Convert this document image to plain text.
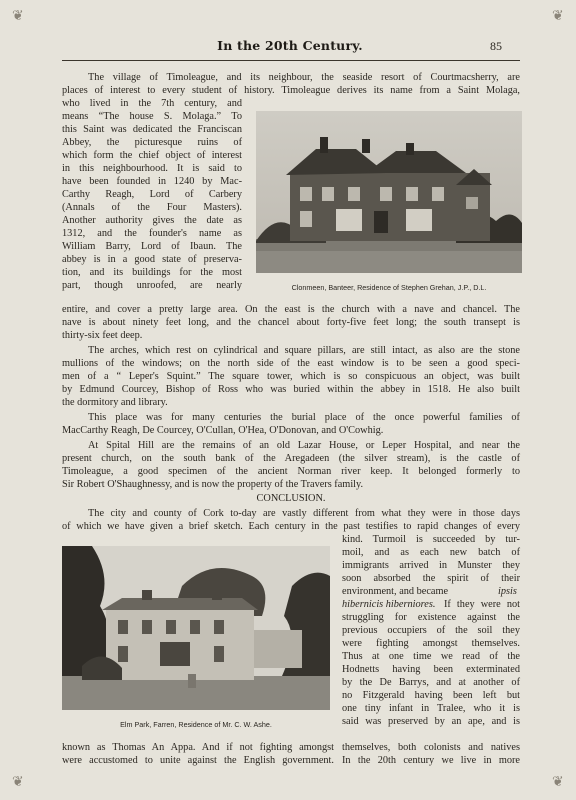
❦	❦
❦	❦
In the 20th Century.	85
The village of Timoleague, and its neighbour, the seaside resort of Courtmacsherry, are
places of interest to every student of history. Timoleague derives its name from a Saint Molaga,
who lived in the 7th century, and
means “The house S. Molaga.” To
this Saint was dedicated the Franciscan
Abbey, the picturesque ruins of
which form the chief object of interest
in this neighbourhood. It is said to
have been founded in 1240 by Mac-
Carthy Reagh, Lord of Carbery
(Annals of the Four Masters).
Another authority gives the date as
1312, and the founder's name as
William Barry, Lord of Ibaun. The
abbey is in a good state of preserva-
tion, and its buildings for the most
part, though unroofed, are nearly	Clonmeen, Banteer, Residence of Stephen Grehan, J.P., D.L.
entire, and cover a pretty large area. On the east is the church with a nave and chancel. The
nave is about ninety feet long, and the chancel about forty-five feet long; the south transept is
thirty-six feet deep.
The arches, which rest on cylindrical and square pillars, are still intact, as also are the stone
mullions of the windows; on the north side of the east window is to be seen a good speci-
men of a “ Leper's Squint.” The square tower, which is so conspicuous an object, was built
by Edmund Courcey, Bishop of Ross who was buried within the abbey in 1518. He also built
the dormitory and library.
This place was for many centuries the burial place of the once powerful families of
MacCarthy Reagh, De Courcey, O'Cullan, O'Hea, O'Donovan, and O'Cowhig.
At Spital Hill are the remains of an old Lazar House, or Leper Hospital, and near the
present church, on the south bank of the Aregadeen (the silver stream), is the castle of
Timoleague, a good specimen of the ancient Norman river keep. It belonged formerly to
Sir Robert O'Shaughnessy, and is now the property of the Travers family.
CONCLUSION.
The city and county of Cork to-day are vastly different from what they were in those days
of which we have given a brief sketch. Each century in the past testifies to rapid changes of every
Elm Park, Farren, Residence of Mr. C. W. Ashe.
kind. Turmoil is succeeded by tur-
moil, and as each new batch of
immigrants arrived in Munster they
soon absorbed the spirit of their
environment, and became	ipsis
hibernicis hiberniores. If they were not
struggling for existence against the
previous occupiers of the soil they
were fighting amongst themselves.
Thus at one time we read of the
Hodnetts having been exterminated
by the De Barrys, and at another of
no Fitzgerald having been left but
one tiny infant in Tralee, who it is
said was preserved by an ape, and is
known as Thomas An Appa. And if not fighting amongst themselves, both colonists and natives
were accustomed to unite against the English government. In the 20th century we live in more
